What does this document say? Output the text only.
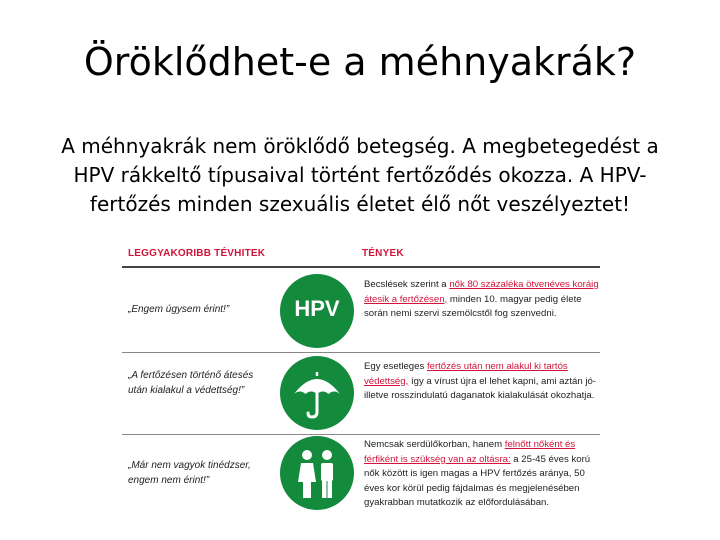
Öröklődhet-e a méhnyakrák?
A méhnyakrák nem öröklődő betegség. A megbetegedést a HPV rákkeltő típusaival történt fertőződés okozza. A HPV-fertőzés minden szexuális életet élő nőt veszélyeztet!
LEGGYAKORIBB TÉVHITEK	TÉNYEK
„Engem úgysem érint!”	HPV
Becslések szerint a nők 80 százaléka ötvenéves koráig átesik a fertőzésen, minden 10. magyar pedig élete során nemi szervi szemölcstől fog szenvedni.
„A fertőzésen történő átesés után kialakul a védettség!”
Egy esetleges fertőzés után nem alakul ki tartós védettség, így a vírust újra el lehet kapni, ami aztán jó- illetve rosszindulatú daganatok kialakulását okozhatja.
„Már nem vagyok tinédzser, engem nem érint!”
Nemcsak serdülőkorban, hanem felnőtt nőként és férfiként is szükség van az oltásra: a 25-45 éves korú nők között is igen magas a HPV fertőzés aránya, 50 éves kor körül pedig fájdalmas és megjelenésében gyakrabban mutatkozik az előfordulásában.
